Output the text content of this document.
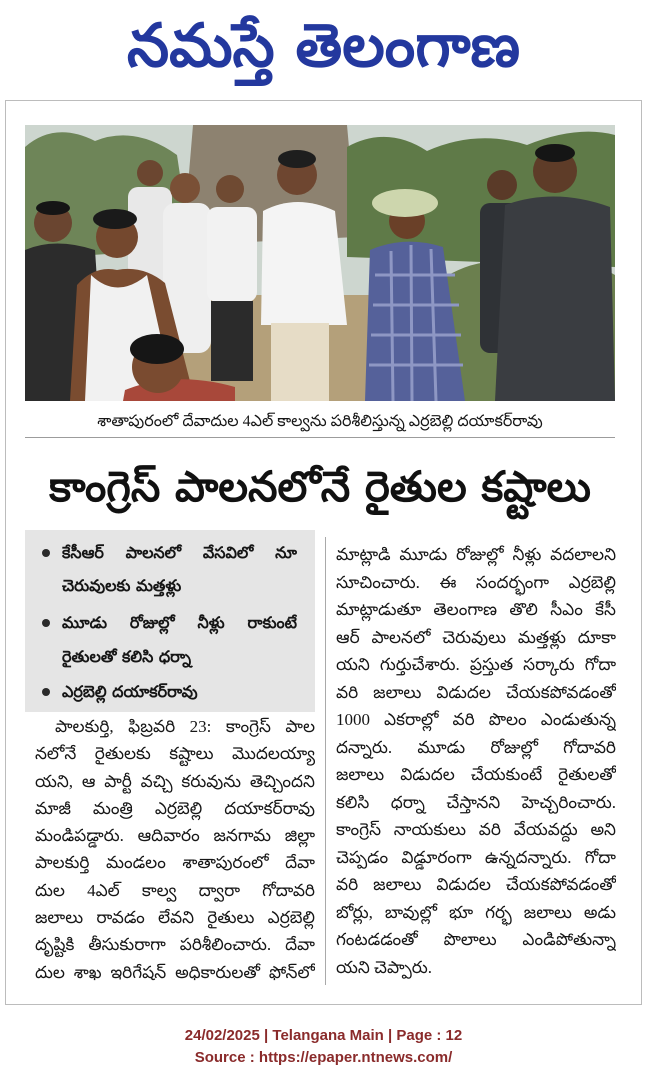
నమస్తే తెలంగాణ
శాతాపురంలో దేవాదుల 4ఎల్ కాల్వను పరిశీలిస్తున్న ఎర్రబెల్లి దయాకర్‌రావు
కాంగ్రెస్ పాలనలోనే రైతుల కష్టాలు
కేసీఆర్ పాలనలో వేసవిలో నూ
చెరువులకు మత్తళ్లు
మూడు రోజుల్లో నీళ్లు రాకుంటే
రైతులతో కలిసి ధర్నా
ఎర్రబెల్లి దయాకర్‌రావు
పాలకుర్తి, ఫిబ్రవరి 23: కాంగ్రెస్ పాల
నలోనే రైతులకు కష్టాలు మొదలయ్యా
యని, ఆ పార్టీ వచ్చి కరువును తెచ్చిందని
మాజీ మంత్రి ఎర్రబెల్లి దయాకర్‌రావు
మండిపడ్డారు. ఆదివారం జనగామ జిల్లా
పాలకుర్తి మండలం శాతాపురంలో దేవా
దుల 4ఎల్ కాల్వ ద్వారా గోదావరి
జలాలు రావడం లేవని రైతులు ఎర్రబెల్లి
దృష్టికి తీసుకురాగా పరిశీలించారు. దేవా
దుల శాఖ ఇరిగేషన్ అధికారులతో ఫోన్‌లో
మాట్లాడి మూడు రోజుల్లో నీళ్లు వదలాలని
సూచించారు. ఈ సందర్భంగా ఎర్రబెల్లి
మాట్లాడుతూ తెలంగాణ తొలి సీఎం కేసీ
ఆర్ పాలనలో చెరువులు మత్తళ్లు దూకా
యని గుర్తుచేశారు. ప్రస్తుత సర్కారు గోదా
వరి జలాలు విడుదల చేయకపోవడంతో
1000 ఎకరాల్లో వరి పొలం ఎండుతున్న
దన్నారు. మూడు రోజుల్లో గోదావరి
జలాలు విడుదల చేయకుంటే రైతులతో
కలిసి ధర్నా చేస్తానని హెచ్చరించారు.
కాంగ్రెస్ నాయకులు వరి వేయవద్దు అని
చెప్పడం విడ్డూరంగా ఉన్నదన్నారు. గోదా
వరి జలాలు విడుదల చేయకపోవడంతో
బోర్లు, బావుల్లో భూ గర్భ జలాలు అడు
గంటడడంతో పొలాలు ఎండిపోతున్నా
యని చెప్పారు.
24/02/2025 | Telangana Main | Page : 12
Source : https://epaper.ntnews.com/
